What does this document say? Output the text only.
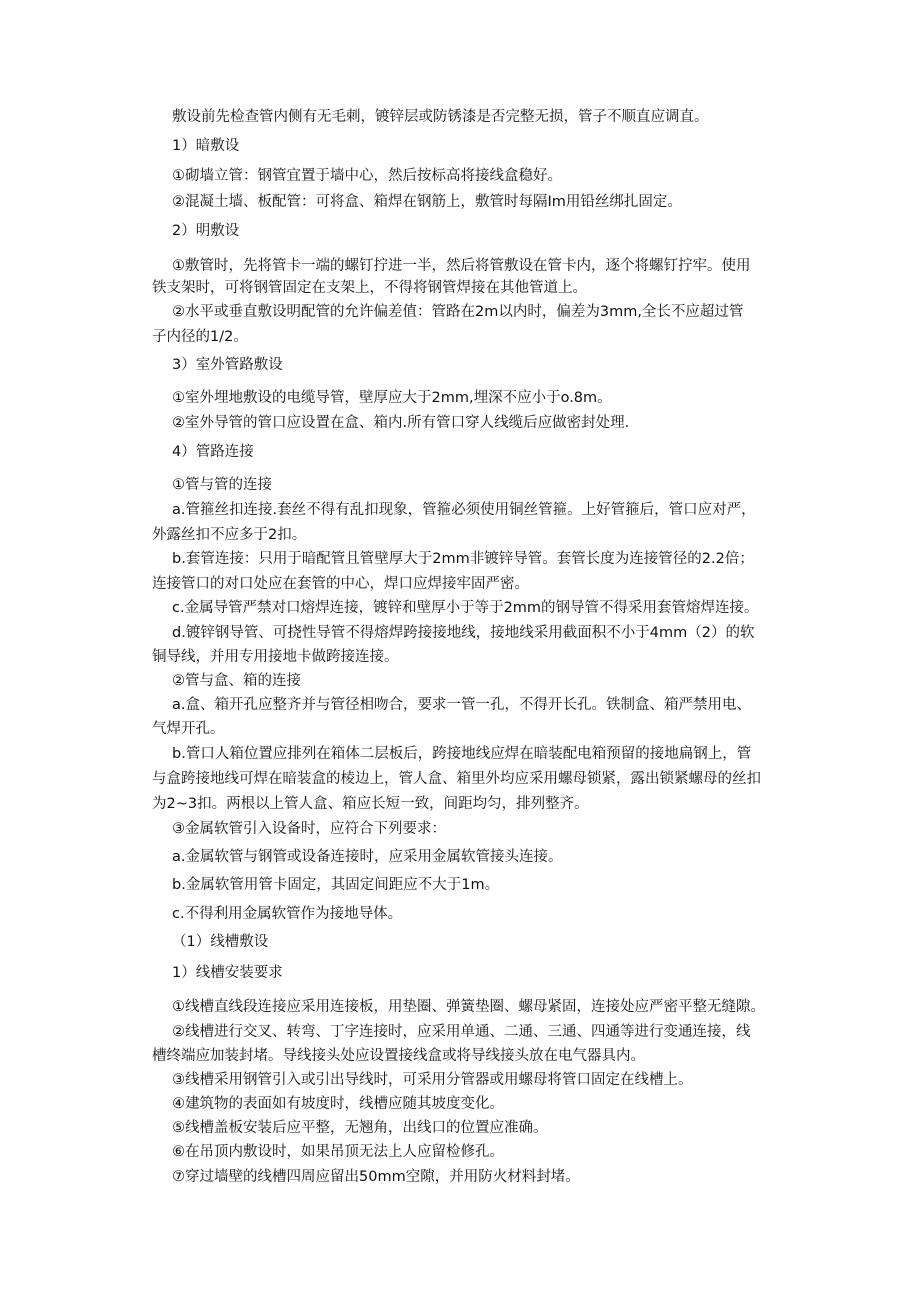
敷设前先检查管内侧有无毛刺，镀锌层或防锈漆是否完整无损，管子不顺直应调直。
1）暗敷设
①砌墙立管：钢管宜置于墙中心，然后按标高将接线盒稳好。
②混凝土墙、板配管：可将盒、箱焊在钢筋上，敷管时每隔Im用铅丝绑扎固定。
2）明敷设
①敷管时，先将管卡一端的螺钉拧进一半，然后将管敷设在管卡内，逐个将螺钉拧牢。使用
铁支架时，可将钢管固定在支架上，不得将钢管焊接在其他管道上。
②水平或垂直敷设明配管的允许偏差值：管路在2m以内时，偏差为3mm,全长不应超过管
子内径的1/2。
3）室外管路敷设
①室外埋地敷设的电缆导管，壁厚应大于2mm,埋深不应小于o.8m。
②室外导管的管口应设置在盒、箱内.所有管口穿人线缆后应做密封处理.
4）管路连接
①管与管的连接
a.管箍丝扣连接.套丝不得有乱扣现象，管箍必须使用铜丝管箍。上好管箍后，管口应对严，
外露丝扣不应多于2扣。
b.套管连接：只用于暗配管且管壁厚大于2mm非镀锌导管。套管长度为连接管径的2.2倍；
连接管口的对口处应在套管的中心，焊口应焊接牢固严密。
c.金属导管严禁对口熔焊连接，镀锌和壁厚小于等于2mm的钢导管不得采用套管熔焊连接。
d.镀锌钢导管、可挠性导管不得熔焊跨接接地线，接地线采用截面积不小于4mm（2）的软
铜导线，并用专用接地卡做跨接连接。
②管与盒、箱的连接
a.盒、箱开孔应整齐并与管径相吻合，要求一管一孔，不得开长孔。铁制盒、箱严禁用电、
气焊开孔。
b.管口人箱位置应排列在箱体二层板后，跨接地线应焊在暗装配电箱预留的接地扁钢上，管
与盒跨接地线可焊在暗装盒的棱边上，管人盒、箱里外均应采用螺母锁紧，露出锁紧螺母的丝扣
为2~3扣。两根以上管人盒、箱应长短一致，间距均匀，排列整齐。
③金属软管引入设备时，应符合下列要求：
a.金属软管与钢管或设备连接时，应采用金属软管接头连接。
b.金属软管用管卡固定，其固定间距应不大于1m。
c.不得利用金属软管作为接地导体。
（1）线槽敷设
1）线槽安装要求
①线槽直线段连接应采用连接板，用垫圈、弹簧垫圈、螺母紧固，连接处应严密平整无缝隙。
②线槽进行交叉、转弯、丁字连接时，应采用单通、二通、三通、四通等进行变通连接，线
槽终端应加装封堵。导线接头处应设置接线盒或将导线接头放在电气器具内。
③线槽采用钢管引入或引出导线时，可采用分管器或用螺母将管口固定在线槽上。
④建筑物的表面如有坡度时，线槽应随其坡度变化。
⑤线槽盖板安装后应平整，无翘角，出线口的位置应准确。
⑥在吊顶内敷设时，如果吊顶无法上人应留检修孔。
⑦穿过墙壁的线槽四周应留出50mm空隙，并用防火材料封堵。
